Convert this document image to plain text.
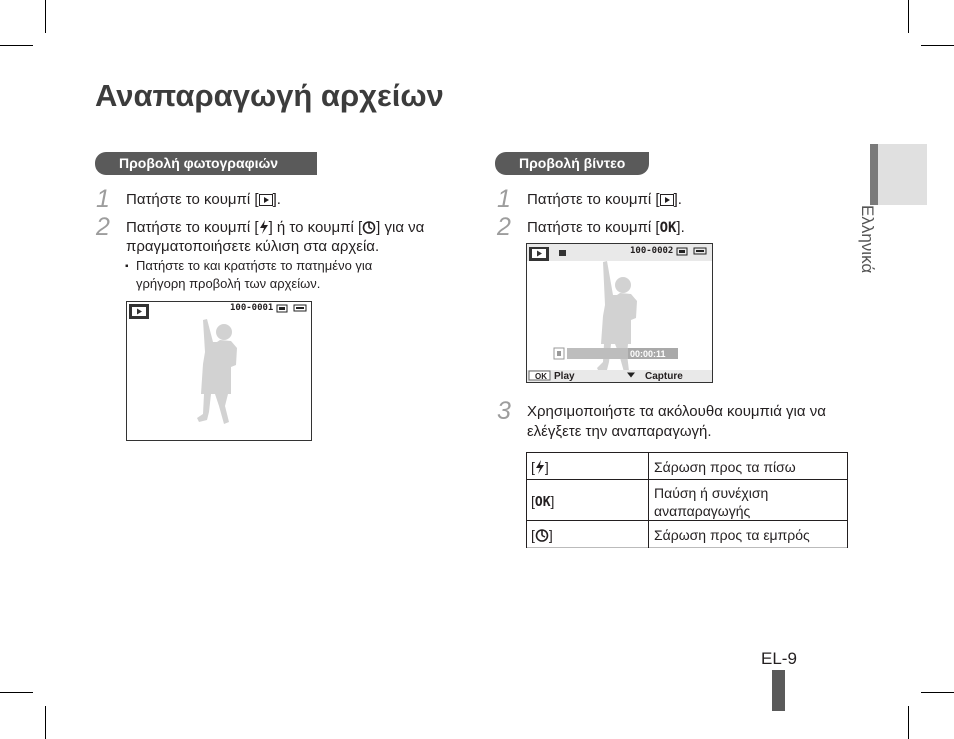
Αναπαραγωγή αρχείων
Ελληνικά
Προβολή φωτογραφιών
1 Πατήστε το κουμπί [ ].
2 Πατήστε το κουμπί [ ] ή το κουμπί [ ] για να
πραγματοποιήσετε κύλιση στα αρχεία.
▪ Πατήστε το και κρατήστε το πατημένο για
γρήγορη προβολή των αρχείων.
100-0001
Προβολή βίντεο
1 Πατήστε το κουμπί [ ].
2 Πατήστε το κουμπί [OK].
100-0002
00:00:11
OK Play	Capture
3 Χρησιμοποιήστε τα ακόλουθα κουμπιά για να
ελέγξετε την αναπαραγωγή.
[ ]	Σάρωση προς τα πίσω
[OK]	Παύση ή συνέχιση
αναπαραγωγής
[ ]	Σάρωση προς τα εμπρός
EL-9
